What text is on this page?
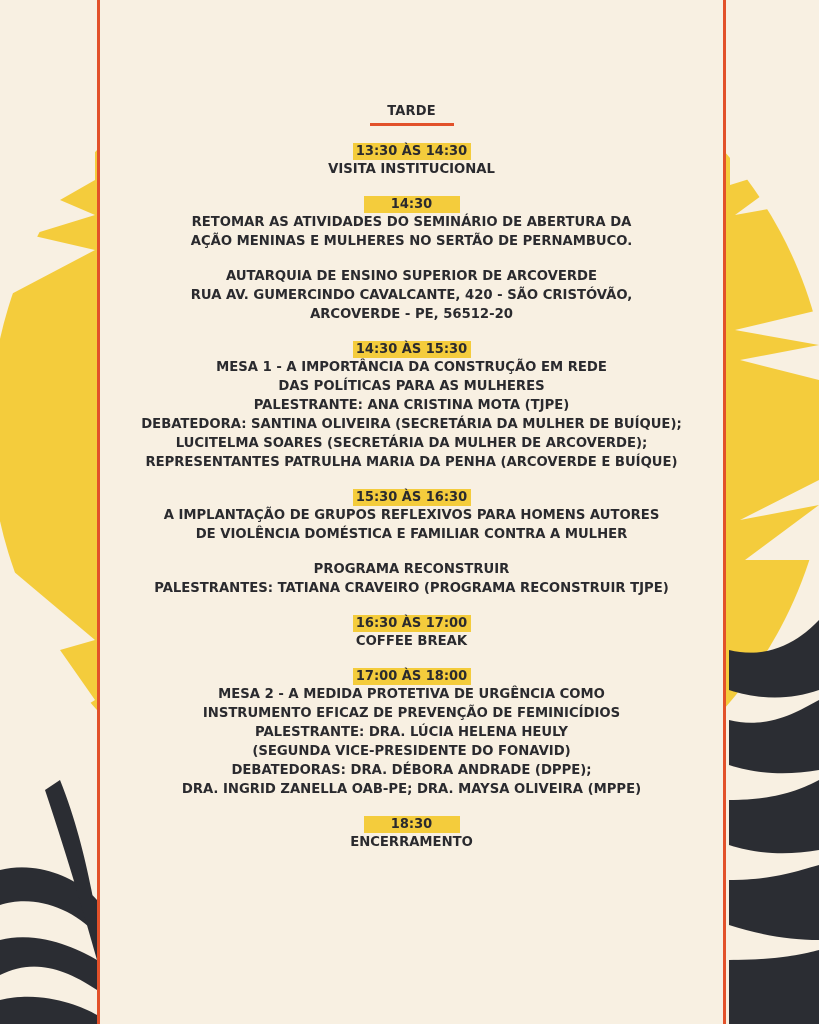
TARDE
13:30 ÀS 14:30
VISITA INSTITUCIONAL
14:30
RETOMAR AS ATIVIDADES DO SEMINÁRIO DE ABERTURA DA
AÇÃO MENINAS E MULHERES NO SERTÃO DE PERNAMBUCO.
AUTARQUIA DE ENSINO SUPERIOR DE ARCOVERDE
RUA AV. GUMERCINDO CAVALCANTE, 420 - SÃO CRISTÓVÃO,
ARCOVERDE - PE, 56512-20
14:30 ÀS 15:30
MESA 1 - A IMPORTÂNCIA DA CONSTRUÇÃO EM REDE
DAS POLÍTICAS PARA AS MULHERES
PALESTRANTE: ANA CRISTINA MOTA (TJPE)
DEBATEDORA: SANTINA OLIVEIRA (SECRETÁRIA DA MULHER DE BUÍQUE);
LUCITELMA SOARES (SECRETÁRIA DA MULHER DE ARCOVERDE);
REPRESENTANTES PATRULHA MARIA DA PENHA (ARCOVERDE E BUÍQUE)
15:30 ÀS 16:30
A IMPLANTAÇÃO DE GRUPOS REFLEXIVOS PARA HOMENS AUTORES
DE VIOLÊNCIA DOMÉSTICA E FAMILIAR CONTRA A MULHER
PROGRAMA RECONSTRUIR
PALESTRANTES: TATIANA CRAVEIRO (PROGRAMA RECONSTRUIR TJPE)
16:30 ÀS 17:00
COFFEE BREAK
17:00 ÀS 18:00
MESA 2 - A MEDIDA PROTETIVA DE URGÊNCIA COMO
INSTRUMENTO EFICAZ DE PREVENÇÃO DE FEMINICÍDIOS
PALESTRANTE: DRA. LÚCIA HELENA HEULY
(SEGUNDA VICE-PRESIDENTE DO FONAVID)
DEBATEDORAS: DRA. DÉBORA ANDRADE (DPPE);
DRA. INGRID ZANELLA OAB-PE; DRA. MAYSA OLIVEIRA (MPPE)
18:30
ENCERRAMENTO
